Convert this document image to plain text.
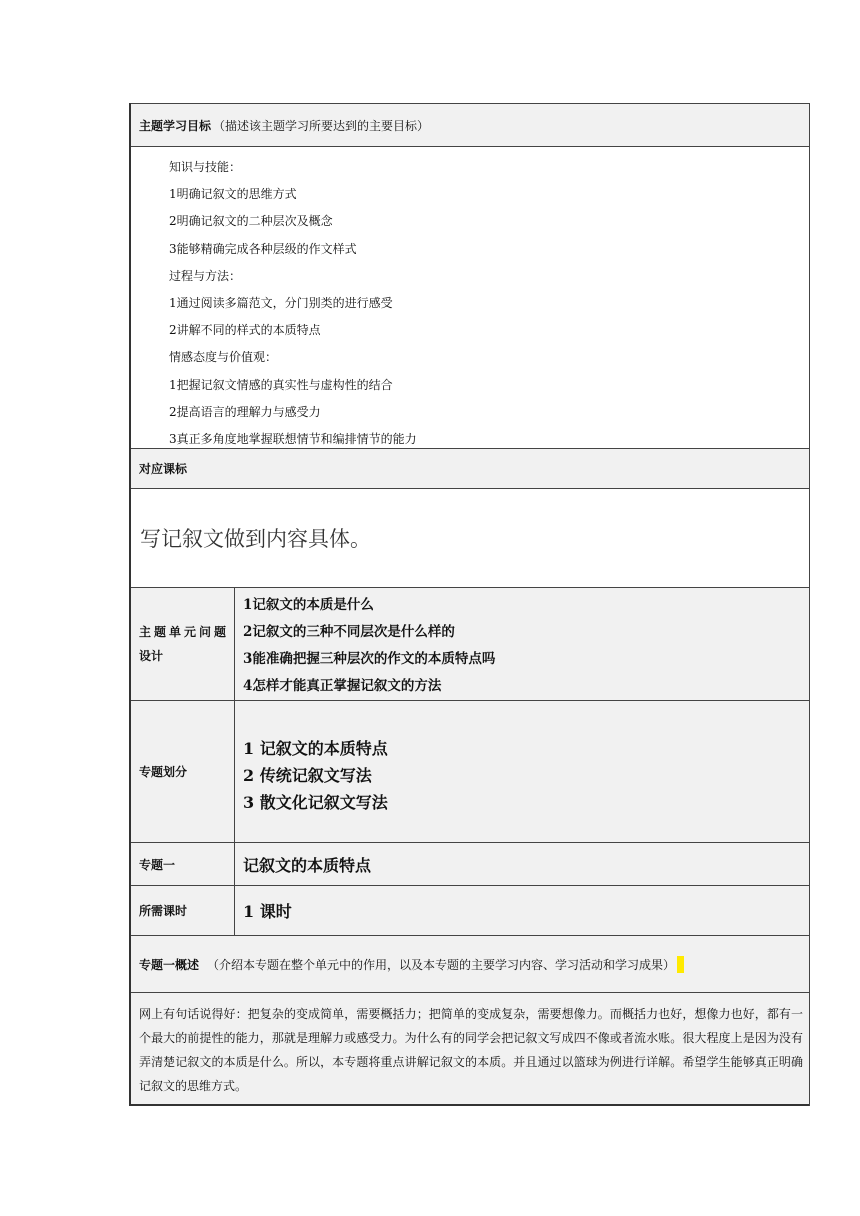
主题学习目标 （描述该主题学习所要达到的主要目标）
知识与技能：
1明确记叙文的思维方式
2明确记叙文的二种层次及概念
3能够精确完成各种层级的作文样式
过程与方法：
1通过阅读多篇范文，分门别类的进行感受
2讲解不同的样式的本质特点
情感态度与价值观：
1把握记叙文情感的真实性与虚构性的结合
2提高语言的理解力与感受力
3真正多角度地掌握联想情节和编排情节的能力
对应课标
写记叙文做到内容具体。
主题单元问题
设计
1记叙文的本质是什么
2记叙文的三种不同层次是什么样的
3能准确把握三种层次的作文的本质特点吗
4怎样才能真正掌握记叙文的方法
专题划分
1 记叙文的本质特点
2 传统记叙文写法
3 散文化记叙文写法
专题一	记叙文的本质特点
所需课时	1 课时
专题一概述 （介绍本专题在整个单元中的作用，以及本专题的主要学习内容、学习活动和学习成果）
网上有句话说得好：把复杂的变成简单，需要概括力；把简单的变成复杂，需要想像力。而概括力也好，想像力也好，都有一个最大的前提性的能力，那就是理解力或感受力。为什么有的同学会把记叙文写成四不像或者流水账。很大程度上是因为没有弄清楚记叙文的本质是什么。所以，本专题将重点讲解记叙文的本质。并且通过以篮球为例进行详解。希望学生能够真正明确记叙文的思维方式。
